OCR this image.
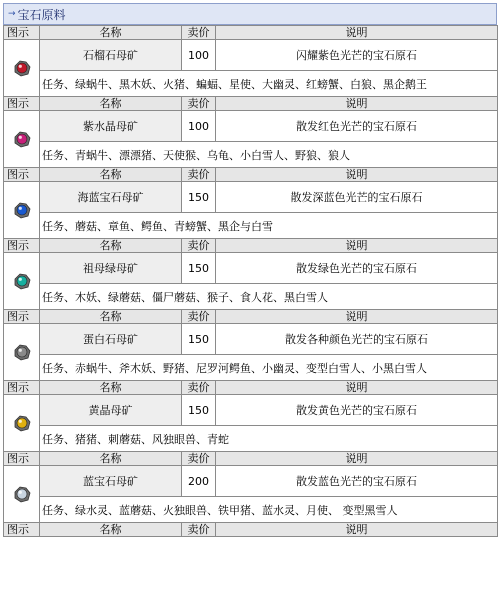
→ 宝石原料
图示	名称	卖价	说明

	石榴石母矿	100	闪耀紫色光芒的宝石原石
	任务、绿蜗牛、黑木妖、火猪、蝙蝠、星使、大幽灵、红螃蟹、白狼、黑企鹅王		
图示	名称	卖价	说明

	紫水晶母矿	100	散发红色光芒的宝石原石
	任务、青蜗牛、漂漂猪、天使猴、乌龟、小白雪人、野狼、狼人		
图示	名称	卖价	说明

	海蓝宝石母矿	150	散发深蓝色光芒的宝石原石
	任务、蘑菇、章鱼、鳄鱼、青螃蟹、黑企与白雪		
图示	名称	卖价	说明

	祖母绿母矿	150	散发绿色光芒的宝石原石
	任务、木妖、绿蘑菇、僵尸蘑菇、猴子、食人花、黑白雪人		
图示	名称	卖价	说明

	蛋白石母矿	150	散发各种颜色光芒的宝石原石
	任务、赤蜗牛、斧木妖、野猪、尼罗河鳄鱼、小幽灵、变型白雪人、小黑白雪人		
图示	名称	卖价	说明

	黄晶母矿	150	散发黄色光芒的宝石原石
	任务、猪猪、刺蘑菇、风独眼兽、青蛇		
图示	名称	卖价	说明

	蓝宝石母矿	200	散发蓝色光芒的宝石原石
	任务、绿水灵、蓝蘑菇、火独眼兽、铁甲猪、蓝水灵、月使、 变型黑雪人		
图示	名称	卖价	说明
